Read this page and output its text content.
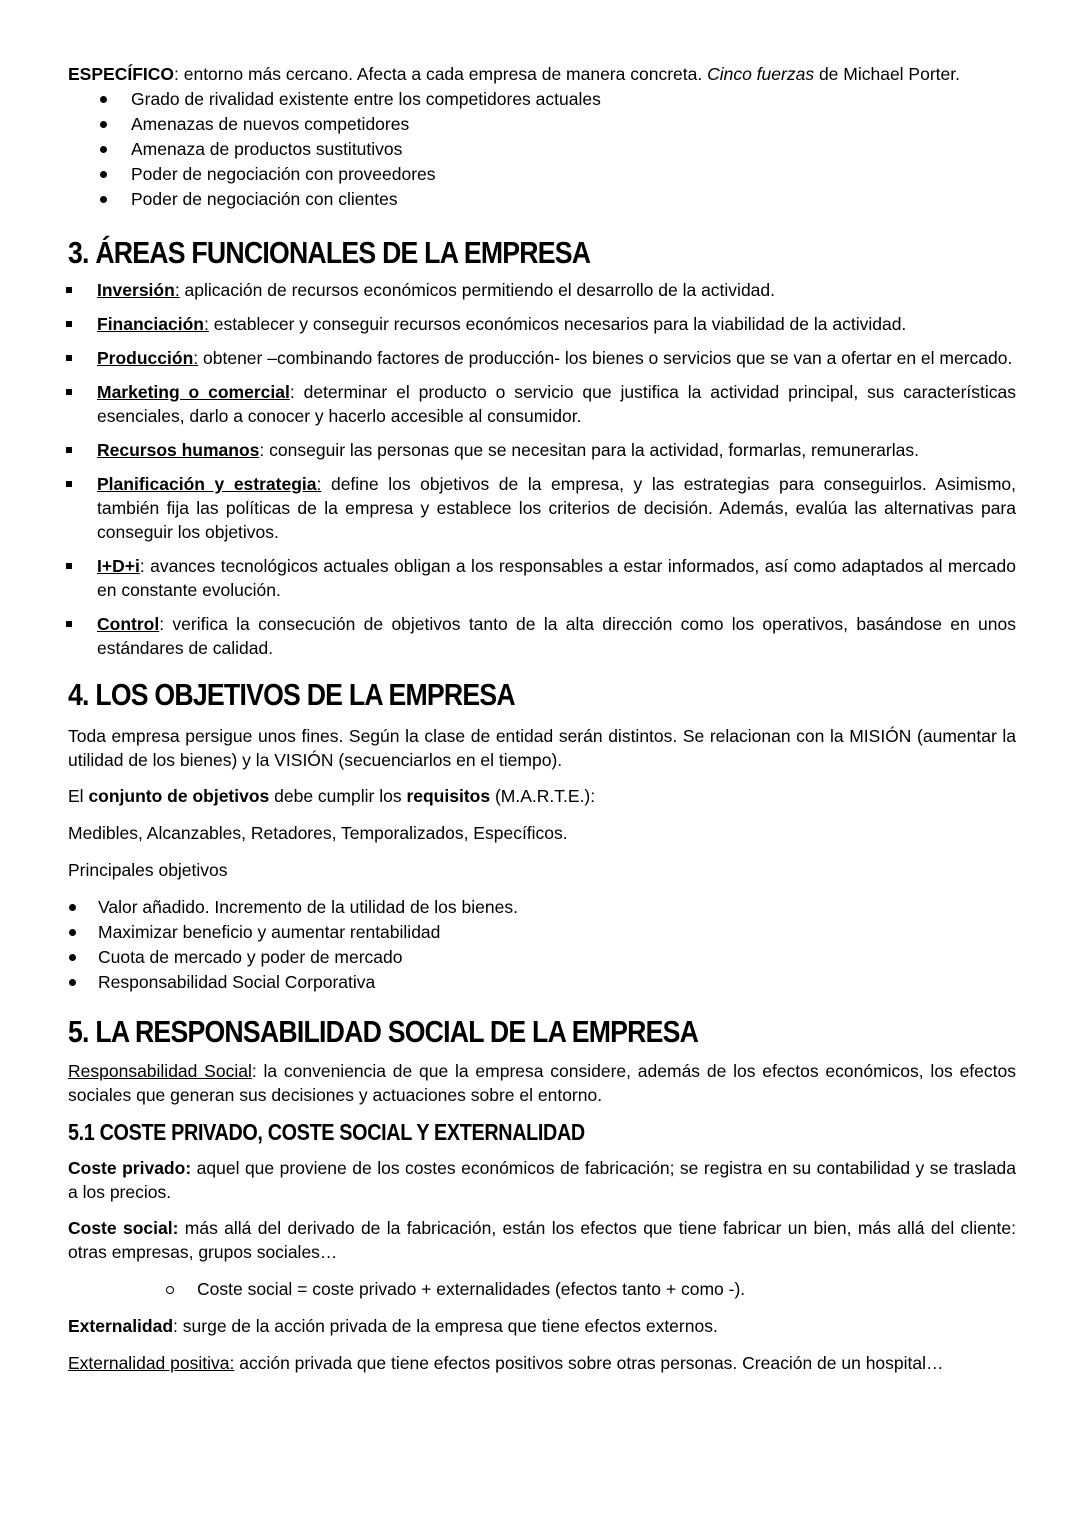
ESPECÍFICO: entorno más cercano. Afecta a cada empresa de manera concreta. Cinco fuerzas de Michael Porter.
Grado de rivalidad existente entre los competidores actuales
Amenazas de nuevos competidores
Amenaza de productos sustitutivos
Poder de negociación con proveedores
Poder de negociación con clientes
3. ÁREAS FUNCIONALES DE LA EMPRESA
Inversión: aplicación de recursos económicos permitiendo el desarrollo de la actividad.
Financiación: establecer y conseguir recursos económicos necesarios para la viabilidad de la actividad.
Producción: obtener –combinando factores de producción- los bienes o servicios que se van a ofertar en el mercado.
Marketing o comercial: determinar el producto o servicio que justifica la actividad principal, sus características esenciales, darlo a conocer y hacerlo accesible al consumidor.
Recursos humanos: conseguir las personas que se necesitan para la actividad, formarlas, remunerarlas.
Planificación y estrategia: define los objetivos de la empresa, y las estrategias para conseguirlos. Asimismo, también fija las políticas de la empresa y establece los criterios de decisión. Además, evalúa las alternativas para conseguir los objetivos.
I+D+i: avances tecnológicos actuales obligan a los responsables a estar informados, así como adaptados al mercado en constante evolución.
Control: verifica la consecución de objetivos tanto de la alta dirección como los operativos, basándose en unos estándares de calidad.
4. LOS OBJETIVOS DE LA EMPRESA

Toda empresa persigue unos fines. Según la clase de entidad serán distintos. Se relacionan con la MISIÓN (aumentar la utilidad de los bienes) y la VISIÓN (secuenciarlos en el tiempo).

El conjunto de objetivos debe cumplir los requisitos (M.A.R.T.E.):

Medibles, Alcanzables, Retadores, Temporalizados, Específicos.

Principales objetivos

Valor añadido. Incremento de la utilidad de los bienes.
Maximizar beneficio y aumentar rentabilidad
Cuota de mercado y poder de mercado
Responsabilidad Social Corporativa
5. LA RESPONSABILIDAD SOCIAL DE LA EMPRESA

Responsabilidad Social: la conveniencia de que la empresa considere, además de los efectos económicos, los efectos sociales que generan sus decisiones y actuaciones sobre el entorno.

5.1 COSTE PRIVADO, COSTE SOCIAL Y EXTERNALIDAD

Coste privado: aquel que proviene de los costes económicos de fabricación; se registra en su contabilidad y se traslada a los precios.

Coste social: más allá del derivado de la fabricación, están los efectos que tiene fabricar un bien, más allá del cliente: otras empresas, grupos sociales…

Coste social = coste privado + externalidades (efectos tanto + como -).

Externalidad: surge de la acción privada de la empresa que tiene efectos externos.

Externalidad positiva: acción privada que tiene efectos positivos sobre otras personas. Creación de un hospital…
